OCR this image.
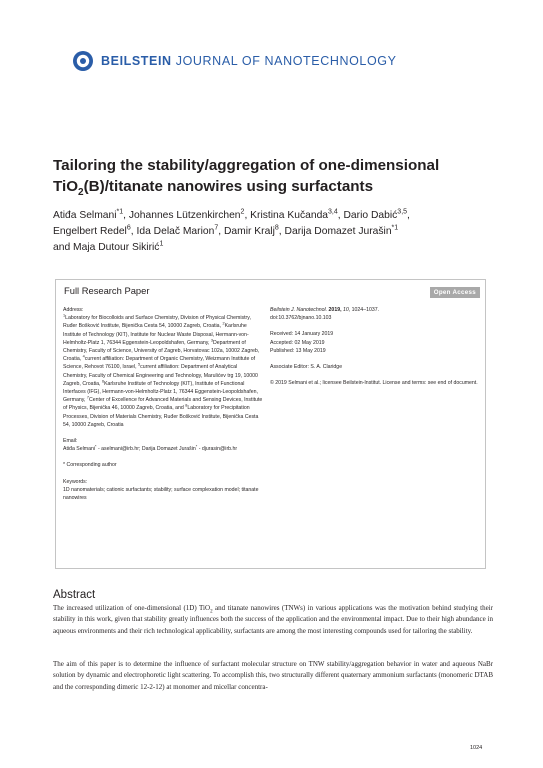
BEILSTEIN JOURNAL OF NANOTECHNOLOGY
Tailoring the stability/aggregation of one-dimensional
TiO$_2$(B)/titanate nanowires using surfactants
Atiđa Selmani$^{*1}$, Johannes Lützenkirchen$^2$, Kristina Kučanda$^{3,4}$, Dario Dabić$^{3,5}$,
Engelbert Redel$^6$, Ida Delač Marion$^7$, Damir Kralj$^8$, Darija Domazet Jurašin$^{*1}$
and Maja Dutour Sikirić$^1$
Full Research Paper	Open Access
Address:
$^1$Laboratory for Biocolloids and Surface Chemistry, Division of Physical Chemistry, Ruđer Bošković Institute, Bijenička Cesta 54, 10000 Zagreb, Croatia, $^2$Karlsruhe Institute of Technology (KIT), Institute for Nuclear Waste Disposal, Hermann-von-Helmholtz-Platz 1, 76344 Eggenstein-Leopoldshafen, Germany, $^3$Department of Chemistry, Faculty of Science, University of Zagreb, Horvatovac 102a, 10002 Zagreb, Croatia, $^4$current affiliation: Department of Organic Chemistry, Weizmann Institute of Science, Rehovot 76100, Israel, $^5$current affiliation: Department of Analytical Chemistry, Faculty of Chemical Engineering and Technology, Marulićev trg 19, 10000 Zagreb, Croatia, $^6$Karlsruhe Institute of Technology (KIT), Institute of Functional Interfaces (IFG), Hermann-von-Helmholtz-Platz 1, 76344 Eggenstein-Leopoldshafen, Germany, $^7$Center of Excellence for Advanced Materials and Sensing Devices, Institute of Physics, Bijenička 46, 10000 Zagreb, Croatia, and $^8$Laboratory for Precipitation Processes, Division of Materials Chemistry, Ruđer Bošković Institute, Bijenička Cesta 54, 10000 Zagreb, Croatia
Email:
Atiđa Selmani* - aselmani@irb.hr; Darija Domazet Jurašin* - djurasin@irb.hr
* Corresponding author
Keywords:
1D nanomaterials; cationic surfactants; stability; surface complexation model; titanate nanowires
Beilstein J. Nanotechnol. 2019, 10, 1024–1037.
doi:10.3762/bjnano.10.103
Received: 14 January 2019
Accepted: 02 May 2019
Published: 13 May 2019
Associate Editor: S. A. Claridge
© 2019 Selmani et al.; licensee Beilstein-Institut. License and terms: see end of document.
Abstract
The increased utilization of one-dimensional (1D) TiO$_2$ and titanate nanowires (TNWs) in various applications was the motivation behind studying their stability in this work, given that stability greatly influences both the success of the application and the environmental impact. Due to their high abundance in aqueous environments and their rich technological applicability, surfactants are among the most interesting compounds used for tailoring the stability.
The aim of this paper is to determine the influence of surfactant molecular structure on TNW stability/aggregation behavior in water and aqueous NaBr solution by dynamic and electrophoretic light scattering. To accomplish this, two structurally different quaternary ammonium surfactants (monomeric DTAB and the corresponding dimeric 12-2-12) at monomer and micellar concentra-
1024
